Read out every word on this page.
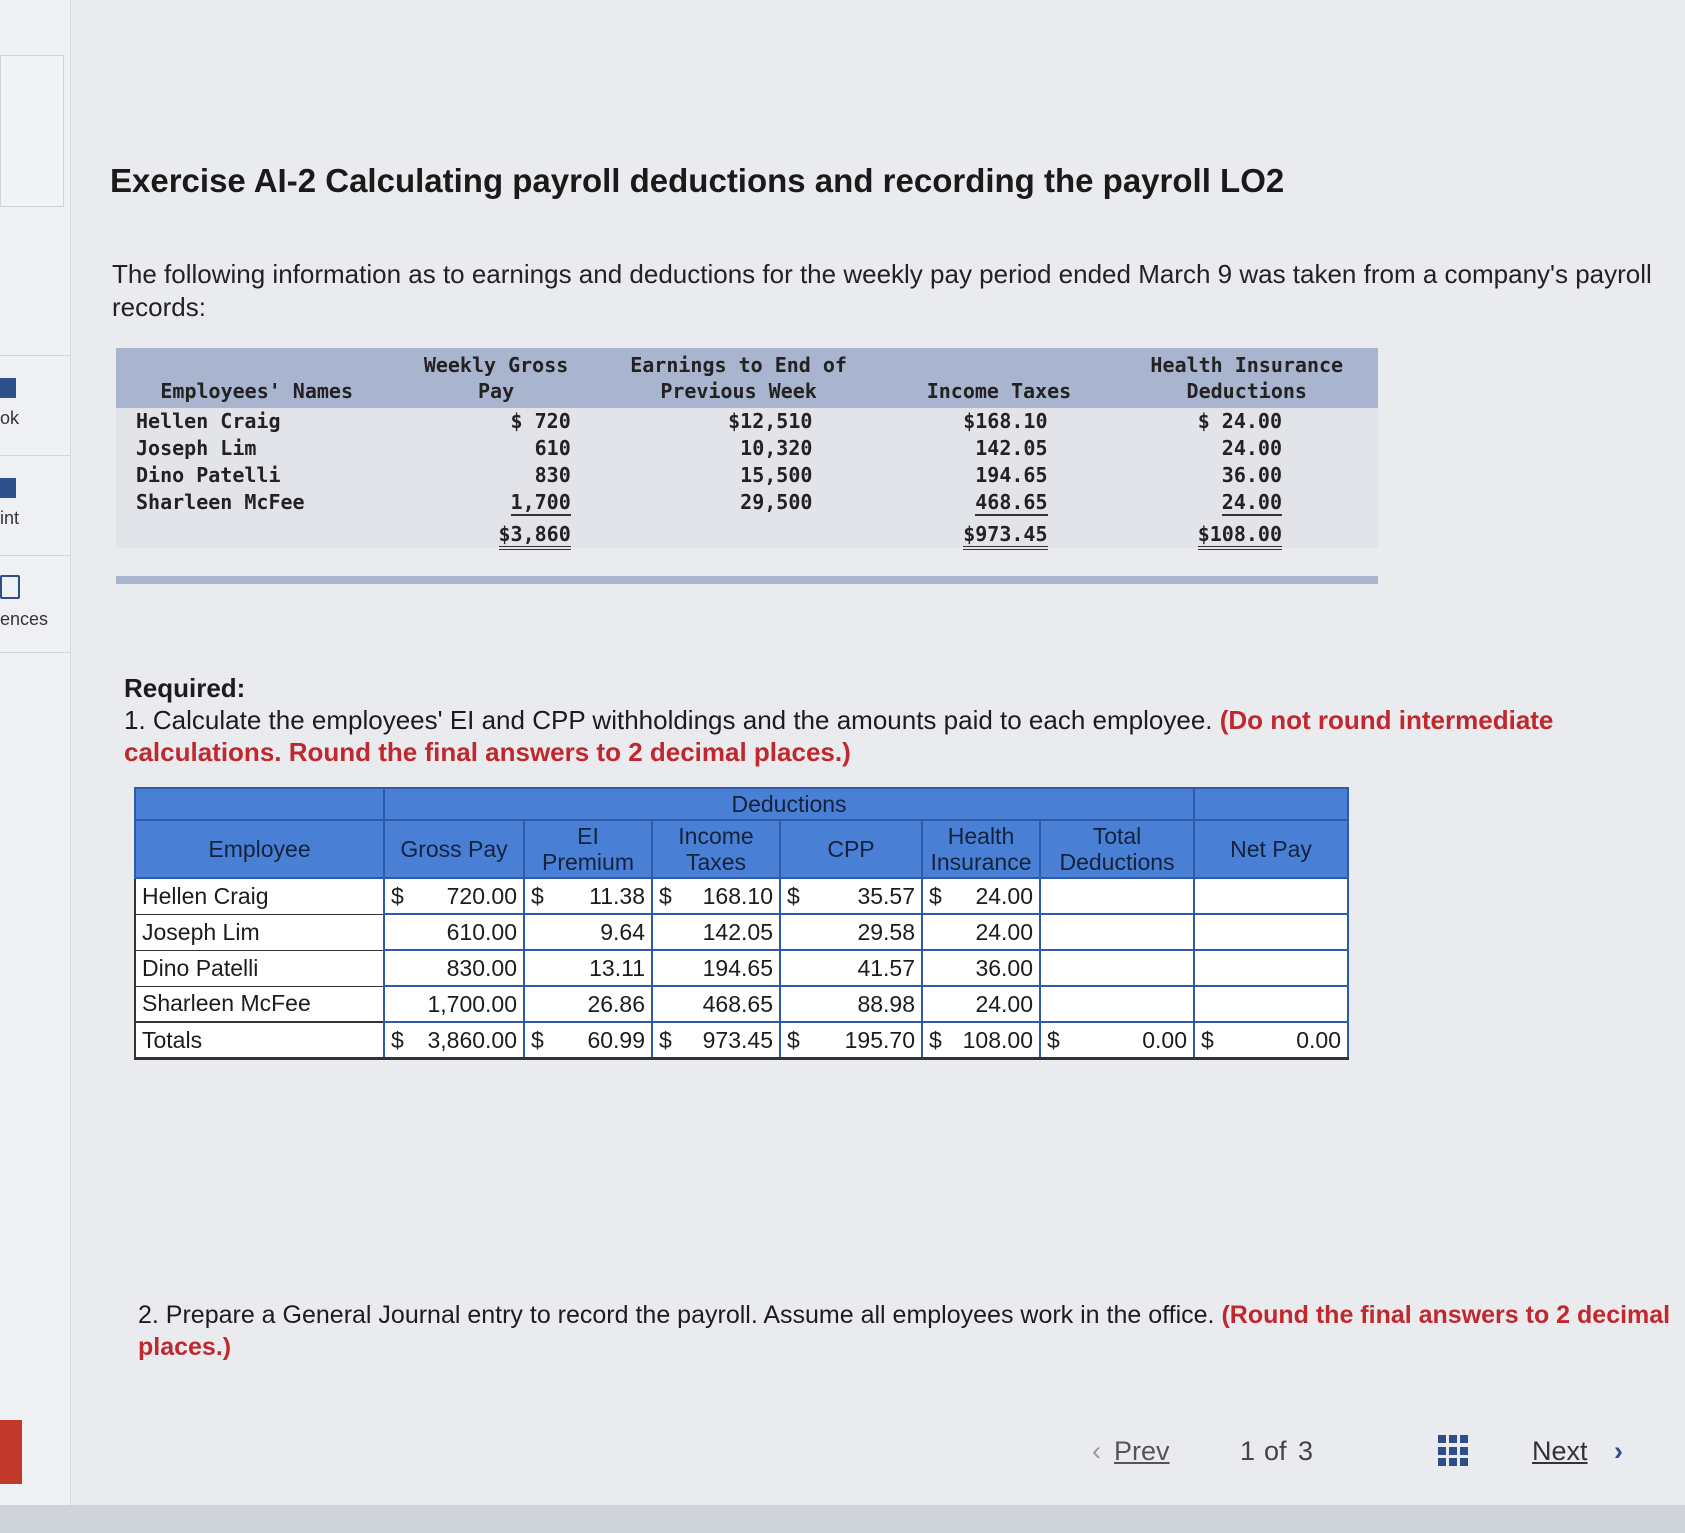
ok
int
ences
Exercise AI-2 Calculating payroll deductions and recording the payroll LO2
The following information as to earnings and deductions for the weekly pay period ended March 9 was taken from a company's payroll records:
Employees' Names	Weekly Gross Pay	Earnings to End of Previous Week	Income Taxes	Health Insurance Deductions
Hellen Craig	$ 720	$12,510	$168.10	$ 24.00
Joseph Lim	610	10,320	142.05	24.00
Dino Patelli	830	15,500	194.65	36.00
Sharleen McFee	1,700	29,500	468.65	24.00
	$3,860		$973.45	$108.00
Required:
1. Calculate the employees' EI and CPP withholdings and the amounts paid to each employee. (Do not round intermediate calculations. Round the final answers to 2 decimal places.)
	Deductions						
Employee	Gross Pay	EI Premium	Income Taxes	CPP	Health Insurance	Total Deductions	Net Pay
Hellen Craig	$ 720.00	$ 11.38	$ 168.10	$ 35.57	$ 24.00		
Joseph Lim	610.00	9.64	142.05	29.58	24.00		
Dino Patelli	830.00	13.11	194.65	41.57	36.00		
Sharleen McFee	1,700.00	26.86	468.65	88.98	24.00		
Totals	$ 3,860.00	$ 60.99	$ 973.45	$ 195.70	$ 108.00	$ 0.00	$ 0.00
2. Prepare a General Journal entry to record the payroll. Assume all employees work in the office. (Round the final answers to 2 decimal places.)
‹ Prev	1 of 3	Next ›
